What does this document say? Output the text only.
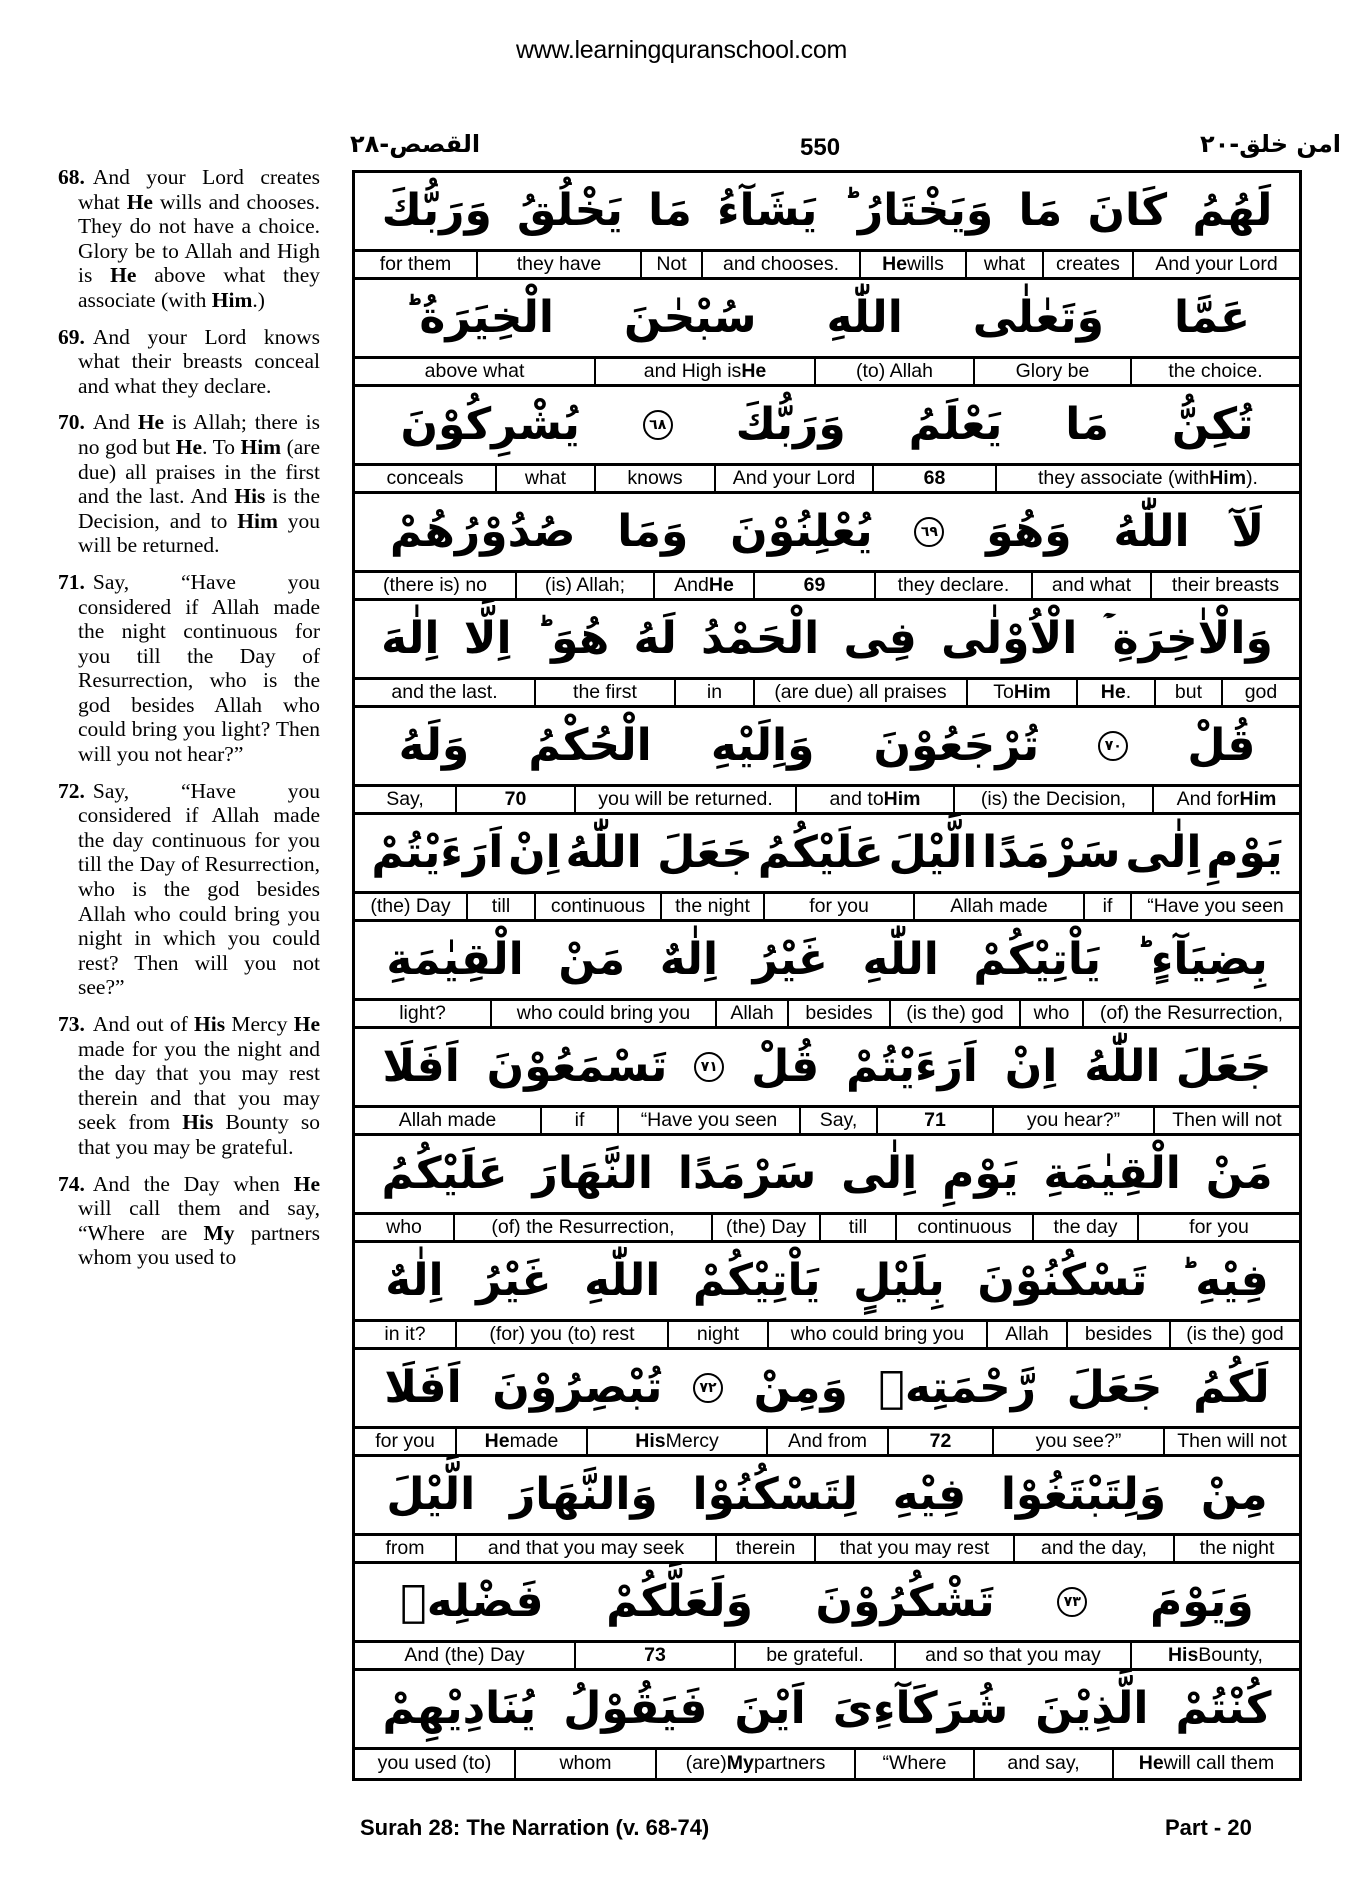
www.learningquranschool.com
القصص-٢٨	550	امن خلق-٢٠

68. And your Lord creates what He wills and chooses. They do not have a choice. Glory be to Allah and High is He above what they associate (with Him.)

69. And your Lord knows what their breasts conceal and what they declare.

70. And He is Allah; there is no god but He. To Him (are due) all praises in the first and the last. And His is the Decision, and to Him you will be returned.

71. Say, “Have you considered if Allah made the night continuous for you till the Day of Resurrection, who is the god besides Allah who could bring you light? Then will you not hear?”

72. Say, “Have you considered if Allah made the day continuous for you till the Day of Resurrection, who is the god besides Allah who could bring you night in which you could rest? Then will you not see?”

73. And out of His Mercy He made for you the night and the day that you may rest therein and that you may seek from His Bounty so that you may be grateful.

74. And the Day when He will call them and say, “Where are My partners whom you used to

وَرَبُّكَ يَخْلُقُ مَا يَشَآءُ وَيَخْتَارُ ؕ مَا كَانَ لَهُمُ
for them	they have	Not	and chooses.	He wills	what	creates	And your Lord
الْخِيَرَةُ ؕ سُبْحٰنَ اللّٰهِ وَتَعٰلٰى عَمَّا
above what	and High is He	(to) Allah	Glory be	the choice.
يُشْرِكُوْنَ	٦٨ وَرَبُّكَ يَعْلَمُ مَا تُكِنُّ
conceals	what	knows	And your Lord	68	they associate (with Him ).
صُدُوْرُهُمْ وَمَا يُعْلِنُوْنَ	٦٩ وَهُوَ اللّٰهُ لَآ
(there is) no	(is) Allah;	And He	69	they declare.	and what	their breasts
اِلٰهَ اِلَّا هُوَ ؕ لَهُ الْحَمْدُ فِى الْاُوْلٰى وَالْاٰخِرَةِ ۡ
and the last.	the first	in	(are due) all praises	To Him	He .	but	god
وَلَهُ الْحُكْمُ وَاِلَيْهِ تُرْجَعُوْنَ	٧٠ قُلْ
Say,	70	you will be returned.	and to Him	(is) the Decision,	And for Him
اَرَءَيْتُمْ اِنْ جَعَلَ اللّٰهُ عَلَيْكُمُ الَّيْلَ سَرْمَدًا اِلٰى يَوْمِ
(the) Day	till	continuous	the night	for you	Allah made	if	“Have you seen
الْقِيٰمَةِ مَنْ اِلٰهٌ غَيْرُ اللّٰهِ يَاْتِيْكُمْ بِضِيَآءٍ ؕ
light?	who could bring you	Allah	besides	(is the) god	who	(of) the Resurrection,
اَفَلَا تَسْمَعُوْنَ	٧١ قُلْ اَرَءَيْتُمْ اِنْ جَعَلَ اللّٰهُ
Allah made	if	“Have you seen	Say,	71	you hear?”	Then will not
عَلَيْكُمُ النَّهَارَ سَرْمَدًا اِلٰى يَوْمِ الْقِيٰمَةِ مَنْ
who	(of) the Resurrection,	(the) Day	till	continuous	the day	for you
اِلٰهٌ غَيْرُ اللّٰهِ يَاْتِيْكُمْ بِلَيْلٍ تَسْكُنُوْنَ فِيْهِ ؕ
in it?	(for) you (to) rest	night	who could bring you	Allah	besides	(is the) god
اَفَلَا تُبْصِرُوْنَ	٧٢ وَمِنْ رَّحْمَتِهٖ جَعَلَ لَكُمُ
for you	He made	His Mercy	And from	72	you see?”	Then will not
الَّيْلَ وَالنَّهَارَ لِتَسْكُنُوْا فِيْهِ وَلِتَبْتَغُوْا مِنْ
from	and that you may seek	therein	that you may rest	and the day,	the night
فَضْلِهٖ وَلَعَلَّكُمْ تَشْكُرُوْنَ	٧٣ وَيَوْمَ
And (the) Day	73	be grateful.	and so that you may	His Bounty,
يُنَادِيْهِمْ فَيَقُوْلُ اَيْنَ شُرَكَآءِىَ الَّذِيْنَ كُنْتُمْ
you used (to)	whom	(are) My partners	“Where	and say,	He will call them
Surah 28: The Narration (v. 68-74)	Part - 20
